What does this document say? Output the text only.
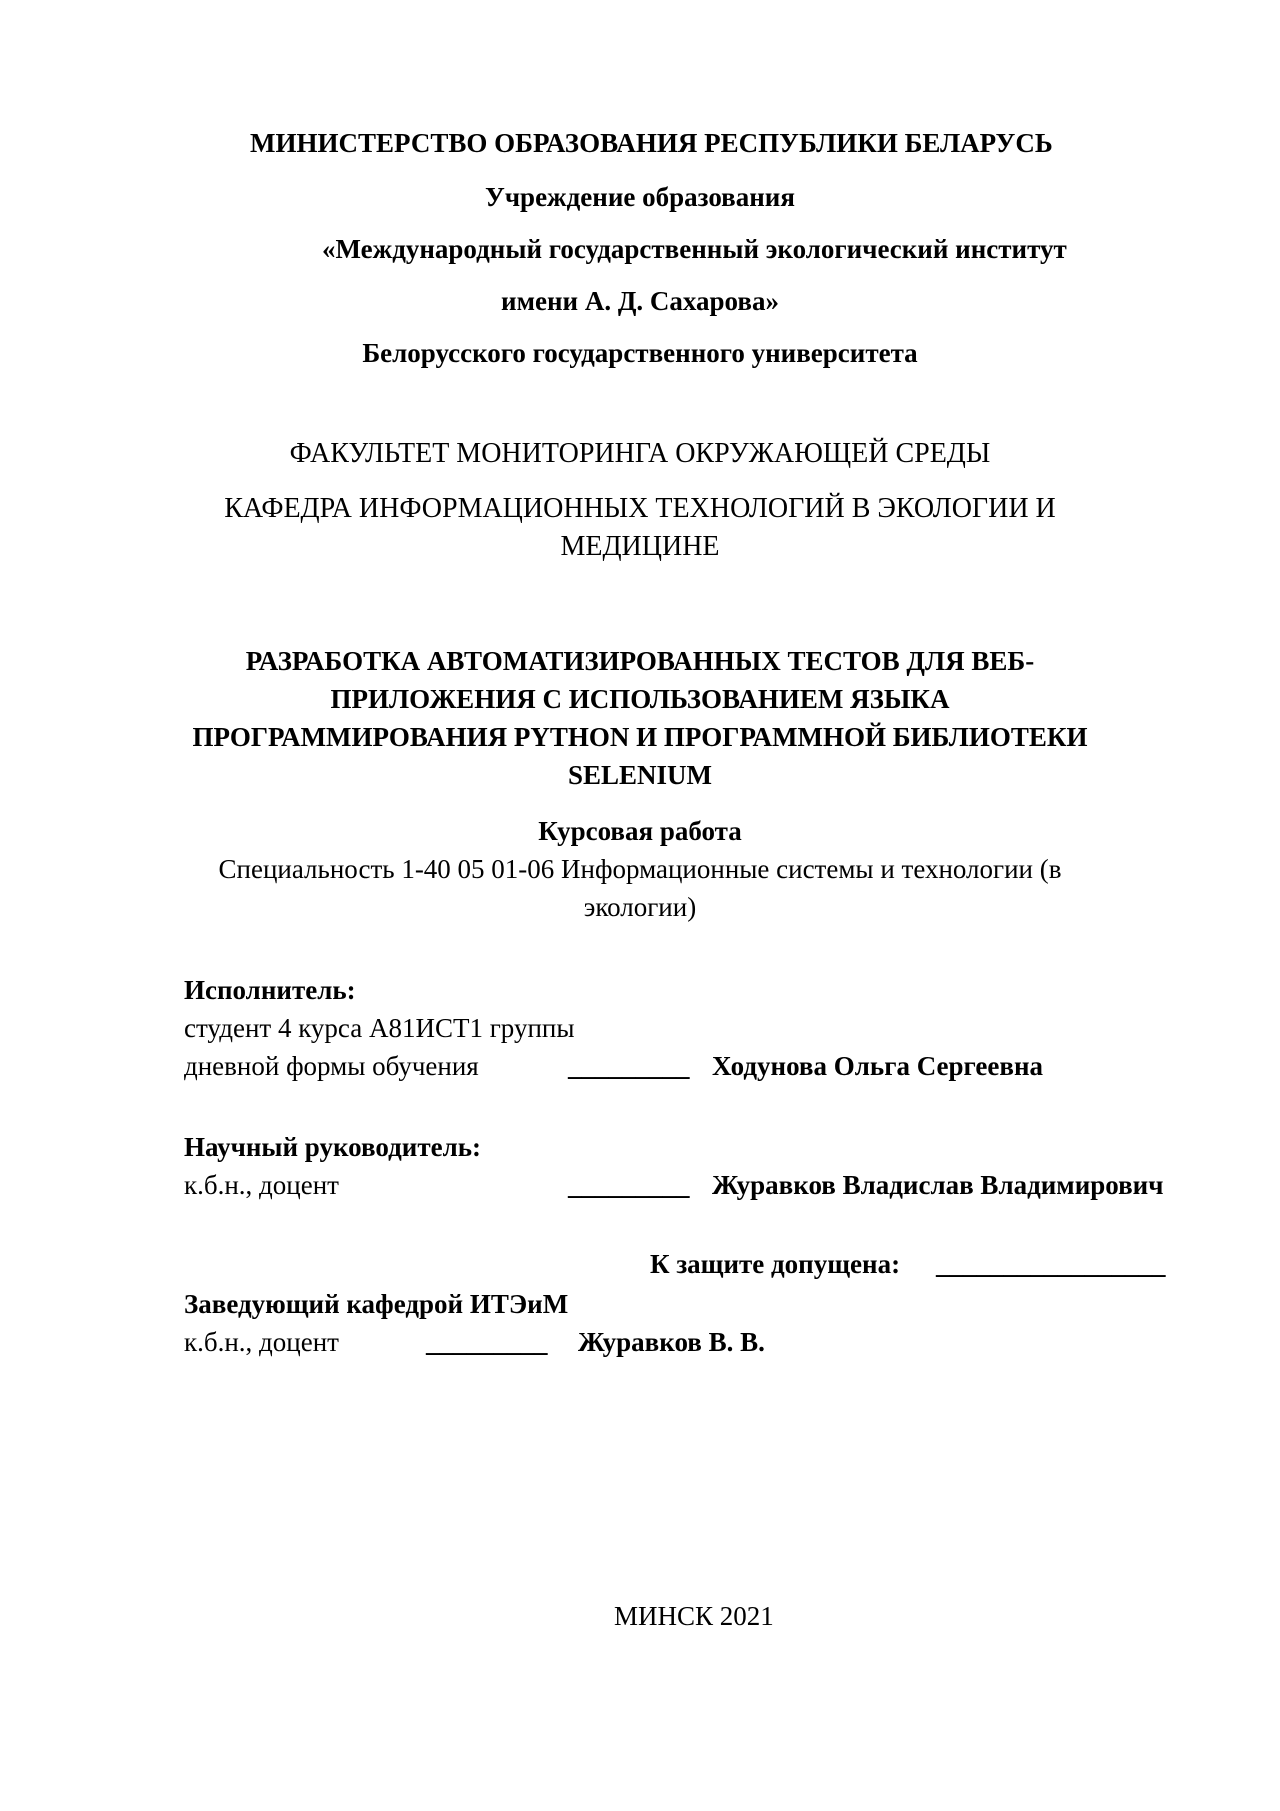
МИНИСТЕРСТВО ОБРАЗОВАНИЯ РЕСПУБЛИКИ БЕЛАРУСЬ
Учреждение образования
«Международный государственный экологический институт
имени А. Д. Сахарова»
Белорусского государственного университета
ФАКУЛЬТЕТ МОНИТОРИНГА ОКРУЖАЮЩЕЙ СРЕДЫ
КАФЕДРА ИНФОРМАЦИОННЫХ ТЕХНОЛОГИЙ В ЭКОЛОГИИ И
МЕДИЦИНЕ
РАЗРАБОТКА АВТОМАТИЗИРОВАННЫХ ТЕСТОВ ДЛЯ ВЕБ-
ПРИЛОЖЕНИЯ С ИСПОЛЬЗОВАНИЕМ ЯЗЫКА
ПРОГРАММИРОВАНИЯ PYTHON И ПРОГРАММНОЙ БИБЛИОТЕКИ
SELENIUM
Курсовая работа
Специальность 1-40 05 01-06 Информационные системы и технологии (в
экологии)
Исполнитель:
студент 4 курса А81ИСТ1 группы
дневной формы обучения	_________ Ходунова Ольга Сергеевна
Научный руководитель:
к.б.н., доцент	_________ Журавков Владислав Владимирович
К защите допущена: _________________
Заведующий кафедрой ИТЭиМ
к.б.н., доцент	_________ Журавков В. В.
МИНСК 2021
